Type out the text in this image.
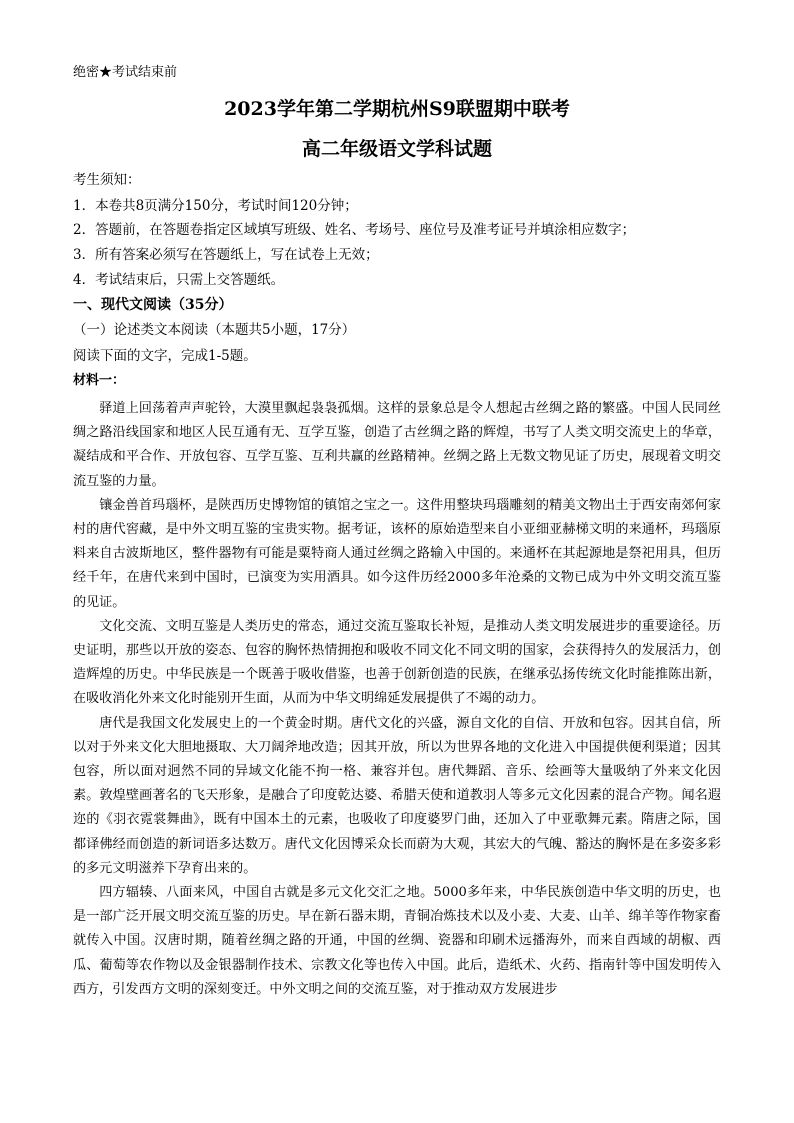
绝密★考试结束前
2023学年第二学期杭州S9联盟期中联考
高二年级语文学科试题
考生须知：
1．本卷共8页满分150分，考试时间120分钟；
2．答题前，在答题卷指定区域填写班级、姓名、考场号、座位号及准考证号并填涂相应数字；
3．所有答案必须写在答题纸上，写在试卷上无效；
4．考试结束后，只需上交答题纸。
一、现代文阅读（35分）
（一）论述类文本阅读（本题共5小题，17分）
阅读下面的文字，完成1-5题。
材料一：

驿道上回荡着声声驼铃，大漠里飘起袅袅孤烟。这样的景象总是令人想起古丝绸之路的繁盛。中国人民同丝绸之路沿线国家和地区人民互通有无、互学互鉴，创造了古丝绸之路的辉煌，书写了人类文明交流史上的华章，凝结成和平合作、开放包容、互学互鉴、互利共赢的丝路精神。丝绸之路上无数文物见证了历史，展现着文明交流互鉴的力量。

镶金兽首玛瑙杯，是陕西历史博物馆的镇馆之宝之一。这件用整块玛瑙雕刻的精美文物出土于西安南郊何家村的唐代窖藏，是中外文明互鉴的宝贵实物。据考证，该杯的原始造型来自小亚细亚赫梯文明的来通杯，玛瑙原料来自古波斯地区，整件器物有可能是粟特商人通过丝绸之路输入中国的。来通杯在其起源地是祭祀用具，但历经千年，在唐代来到中国时，已演变为实用酒具。如今这件历经2000多年沧桑的文物已成为中外文明交流互鉴的见证。

文化交流、文明互鉴是人类历史的常态，通过交流互鉴取长补短，是推动人类文明发展进步的重要途径。历史证明，那些以开放的姿态、包容的胸怀热情拥抱和吸收不同文化不同文明的国家，会获得持久的发展活力，创造辉煌的历史。中华民族是一个既善于吸收借鉴，也善于创新创造的民族，在继承弘扬传统文化时能推陈出新，在吸收消化外来文化时能别开生面，从而为中华文明绵延发展提供了不竭的动力。

唐代是我国文化发展史上的一个黄金时期。唐代文化的兴盛，源自文化的自信、开放和包容。因其自信，所以对于外来文化大胆地摄取、大刀阔斧地改造；因其开放，所以为世界各地的文化进入中国提供便利渠道；因其包容，所以面对迥然不同的异域文化能不拘一格、兼容并包。唐代舞蹈、音乐、绘画等大量吸纳了外来文化因素。敦煌壁画著名的飞天形象，是融合了印度乾达婆、希腊天使和道教羽人等多元文化因素的混合产物。闻名遐迩的《羽衣霓裳舞曲》，既有中国本土的元素，也吸收了印度婆罗门曲，还加入了中亚歌舞元素。隋唐之际，国都译佛经而创造的新词语多达数万。唐代文化因博采众长而蔚为大观，其宏大的气魄、豁达的胸怀是在多姿多彩的多元文明滋养下孕育出来的。

四方辐辏、八面来风，中国自古就是多元文化交汇之地。5000多年来，中华民族创造中华文明的历史，也是一部广泛开展文明交流互鉴的历史。早在新石器末期，青铜冶炼技术以及小麦、大麦、山羊、绵羊等作物家畜就传入中国。汉唐时期，随着丝绸之路的开通，中国的丝绸、瓷器和印刷术远播海外，而来自西域的胡椒、西瓜、葡萄等农作物以及金银器制作技术、宗教文化等也传入中国。此后，造纸术、火药、指南针等中国发明传入西方，引发西方文明的深刻变迁。中外文明之间的交流互鉴，对于推动双方发展进步
